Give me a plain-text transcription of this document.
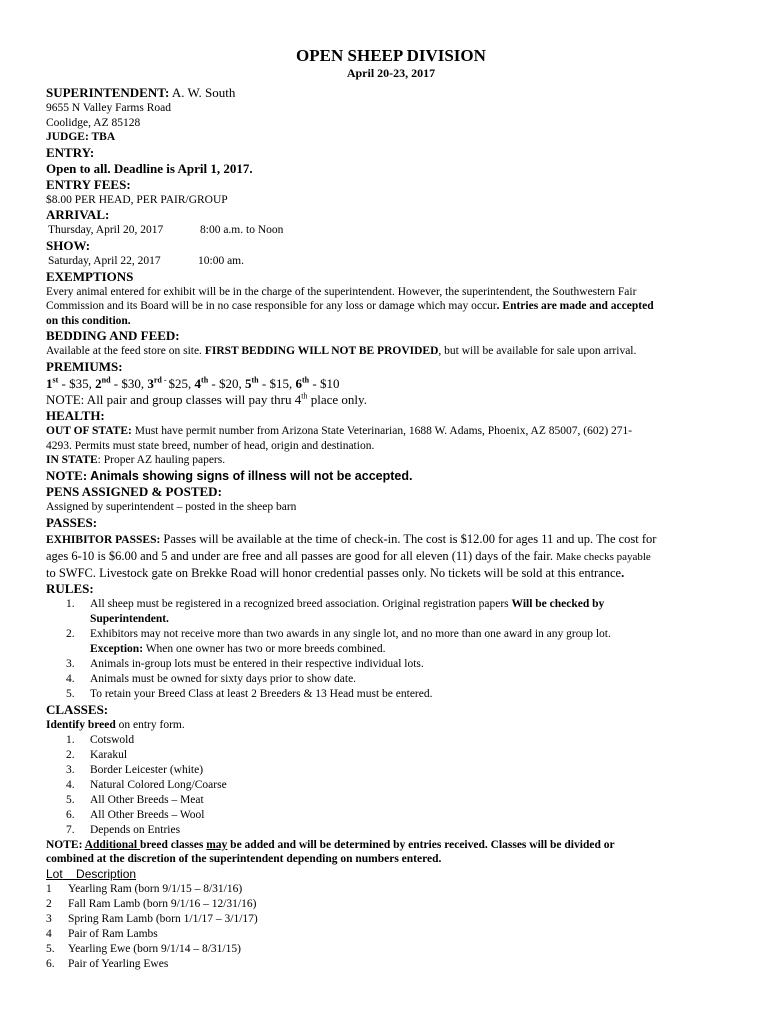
OPEN SHEEP DIVISION
April 20-23, 2017
SUPERINTENDENT: A. W. South
9655 N Valley Farms Road
Coolidge, AZ 85128
JUDGE: TBA
ENTRY:
Open to all. Deadline is April 1, 2017.
ENTRY FEES:
$8.00 PER HEAD, PER PAIR/GROUP
ARRIVAL:
Thursday, April 20, 2017	8:00 a.m. to Noon
SHOW:
Saturday, April 22, 2017	10:00 am.
EXEMPTIONS
Every animal entered for exhibit will be in the charge of the superintendent. However, the superintendent, the Southwestern Fair
Commission and its Board will be in no case responsible for any loss or damage which may occur. Entries are made and accepted
on this condition.
BEDDING AND FEED:
Available at the feed store on site. FIRST BEDDING WILL NOT BE PROVIDED, but will be available for sale upon arrival.
PREMIUMS:
1st - $35, 2nd - $30, $3^{rd -}$ $25, 4th - $20, 5th - $15, 6th - $10
NOTE: All pair and group classes will pay thru 4th place only.
HEALTH:
OUT OF STATE: Must have permit number from Arizona State Veterinarian, 1688 W. Adams, Phoenix, AZ 85007, (602) 271-
4293. Permits must state breed, number of head, origin and destination.
IN STATE: Proper AZ hauling papers.
NOTE: Animals showing signs of illness will not be accepted.
PENS ASSIGNED & POSTED:
Assigned by superintendent – posted in the sheep barn
PASSES:
EXHIBITOR PASSES: Passes will be available at the time of check-in. The cost is $12.00 for ages 11 and up. The cost for
ages 6-10 is $6.00 and 5 and under are free and all passes are good for all eleven (11) days of the fair. Make checks payable
to SWFC. Livestock gate on Brekke Road will honor credential passes only. No tickets will be sold at this entrance.
RULES:
1. All sheep must be registered in a recognized breed association. Original registration papers Will be checked by
Superintendent.
2. Exhibitors may not receive more than two awards in any single lot, and no more than one award in any group lot.
Exception: When one owner has two or more breeds combined.
3. Animals in-group lots must be entered in their respective individual lots.
4. Animals must be owned for sixty days prior to show date.
5. To retain your Breed Class at least 2 Breeders & 13 Head must be entered.
CLASSES:
Identify breed on entry form.
1. Cotswold
2. Karakul
3. Border Leicester (white)
4. Natural Colored Long/Coarse
5. All Other Breeds – Meat
6. All Other Breeds – Wool
7. Depends on Entries
NOTE: Additional breed classes may be added and will be determined by entries received. Classes will be divided or
combined at the discretion of the superintendent depending on numbers entered.
Lot Description
1 Yearling Ram (born 9/1/15 – 8/31/16)
2 Fall Ram Lamb (born 9/1/16 – 12/31/16)
3 Spring Ram Lamb (born 1/1/17 – 3/1/17)
4 Pair of Ram Lambs
5. Yearling Ewe (born 9/1/14 – 8/31/15)
6. Pair of Yearling Ewes
